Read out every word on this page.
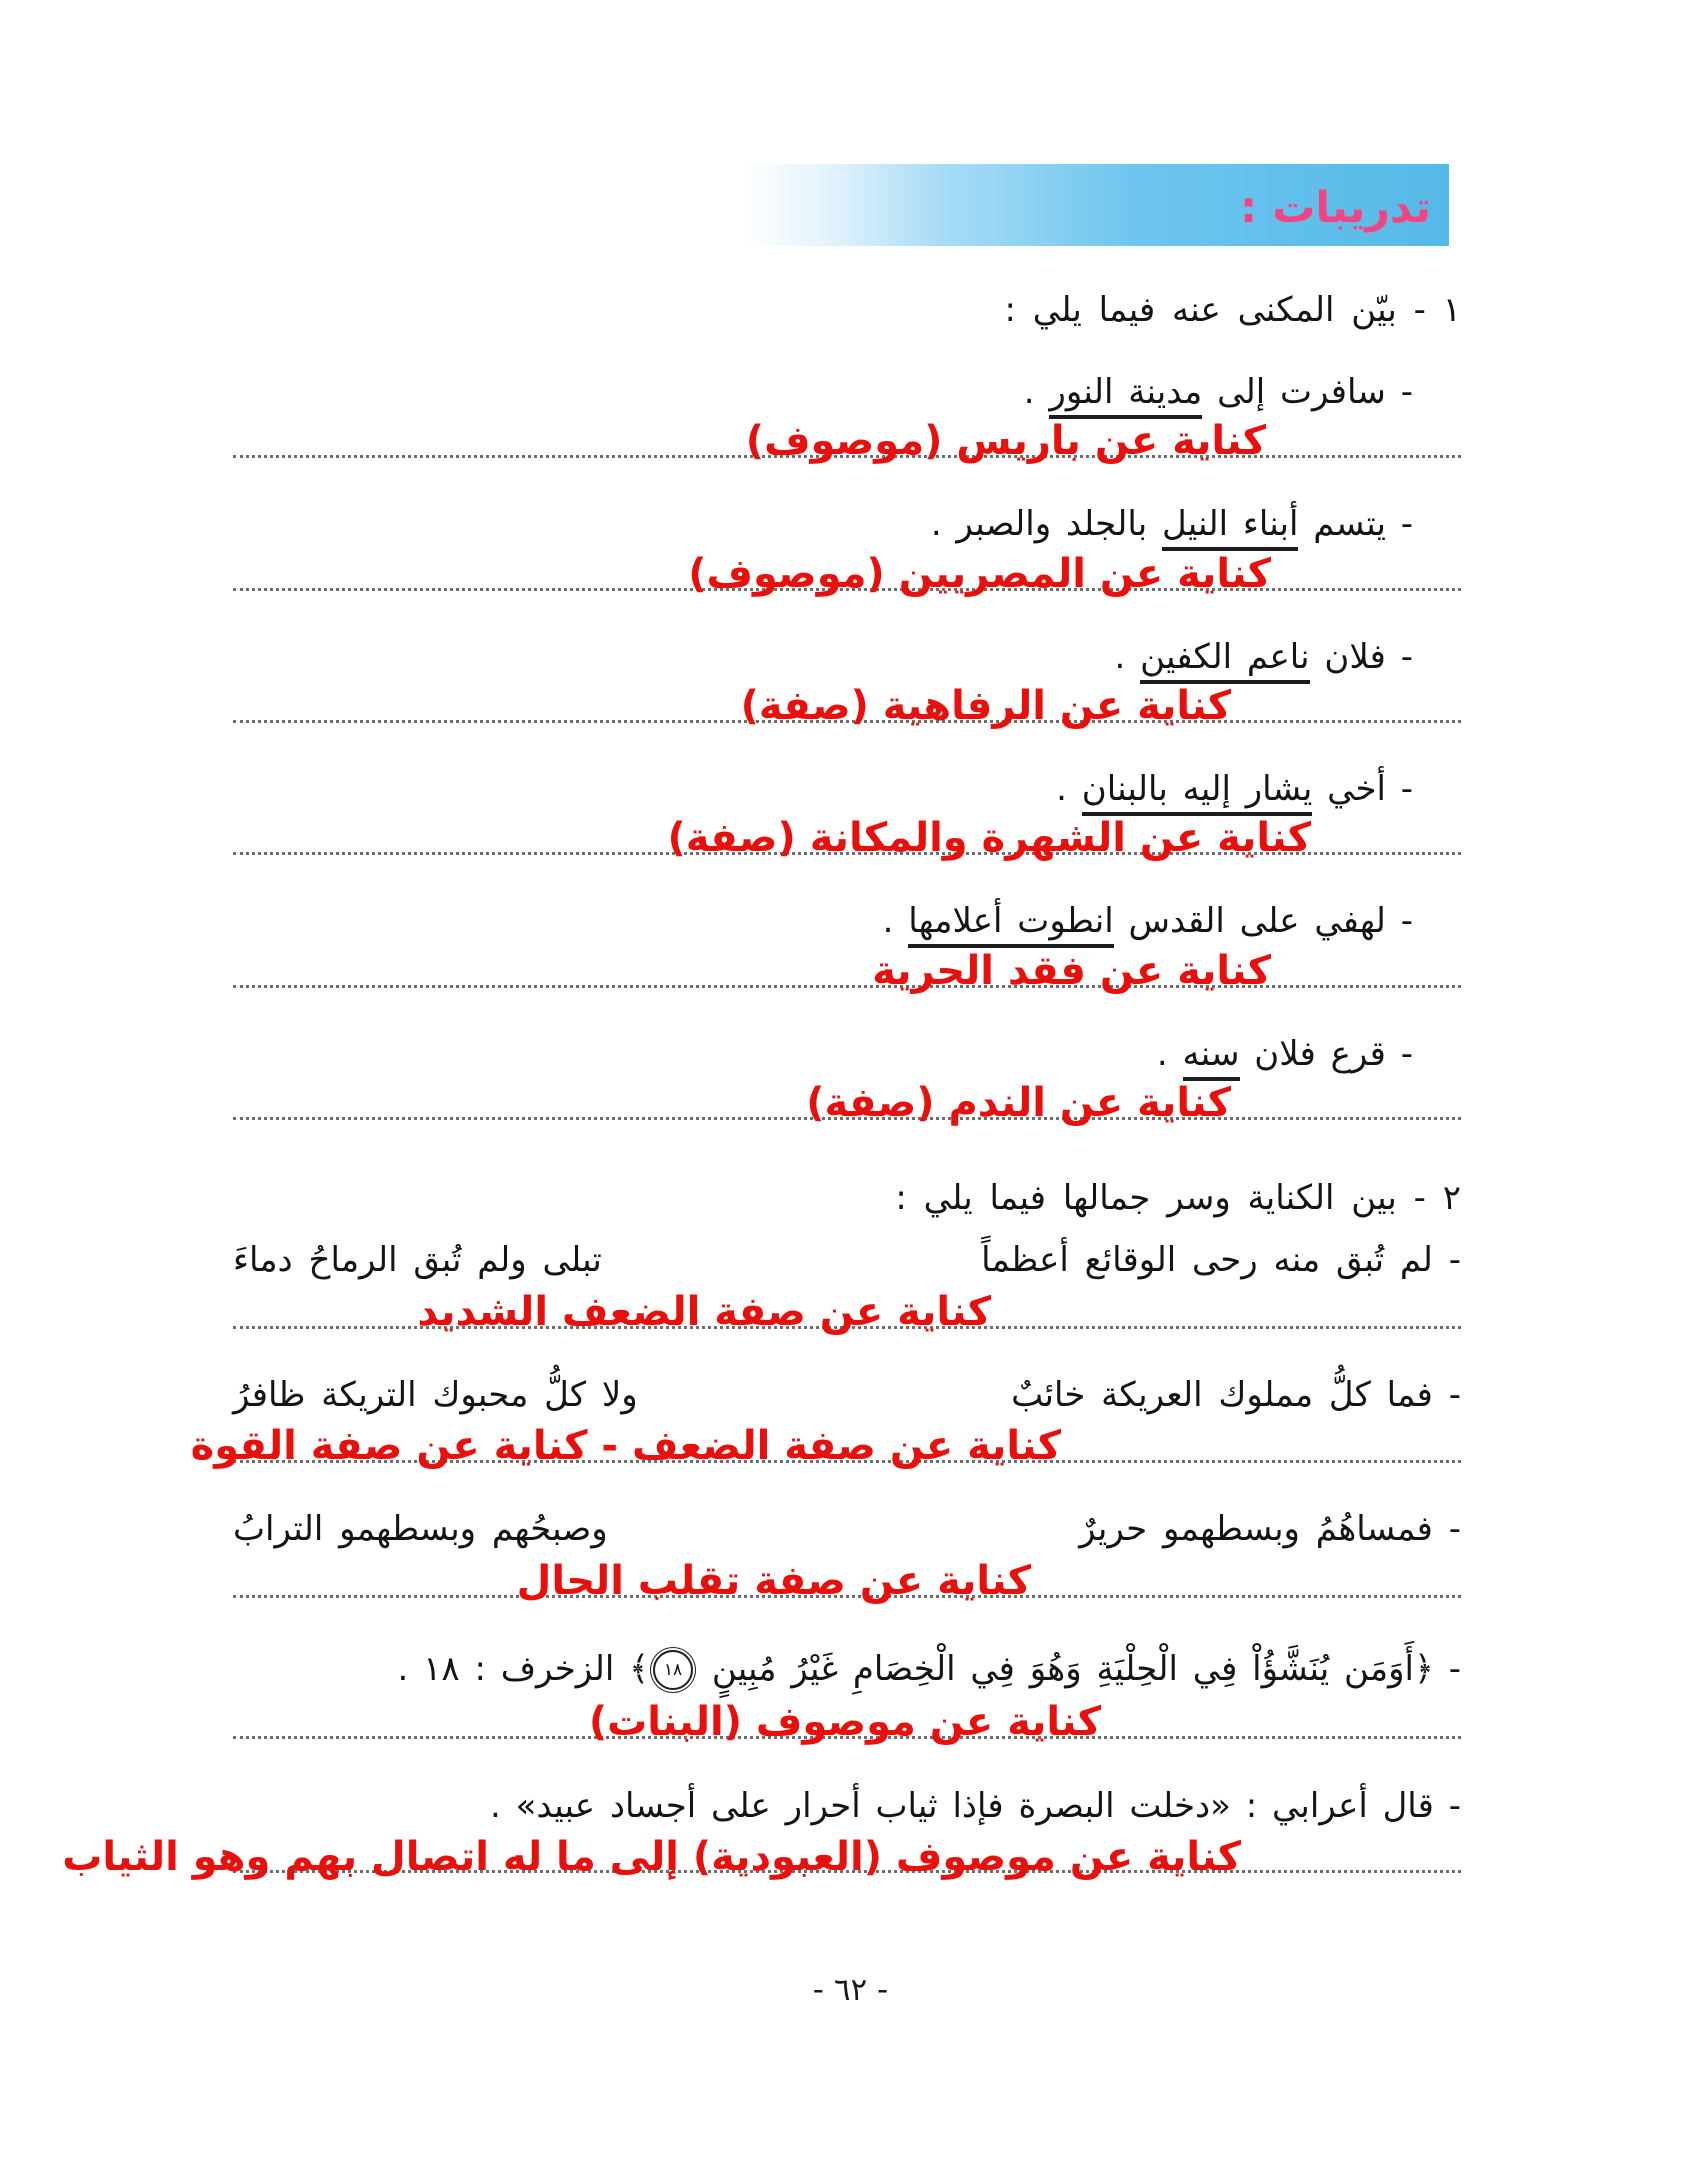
تدريبات :
١ - بيّن المكنى عنه فيما يلي :
- سافرت إلى مدينة النور .
كناية عن باريس (موصوف)
- يتسم أبناء النيل بالجلد والصبر .
كناية عن المصريين (موصوف)
- فلان ناعم الكفين .
كناية عن الرفاهية (صفة)
- أخي يشار إليه بالبنان .
كناية عن الشهرة والمكانة (صفة)
- لهفي على القدس انطوت أعلامها .
كناية عن فقد الحرية
- قرع فلان سنه .
كناية عن الندم (صفة)
٢ - بين الكناية وسر جمالها فيما يلي :
- لم تُبق منه رحى الوقائع أعظماً
تبلى ولم تُبق الرماحُ دماءَ
كناية عن صفة الضعف الشديد
- فما كلُّ مملوك العريكة خائبٌ
ولا كلُّ محبوك التريكة ظافرُ
كناية عن صفة الضعف - كناية عن صفة القوة
- فمساهُمُ وبسطهمو حريرٌ
وصبحُهم وبسطهمو الترابُ
كناية عن صفة تقلب الحال
- ﴿أَوَمَن يُنَشَّؤُاْ فِي الْحِلْيَةِ وَهُوَ فِي الْخِصَامِ غَيْرُ مُبِينٍ ١٨﴾ الزخرف : ١٨ .
كناية عن موصوف (البنات)
- قال أعرابي : «دخلت البصرة فإذا ثياب أحرار على أجساد عبيد» .
كناية عن موصوف (العبودية) إلى ما له اتصال بهم وهو الثياب
- ٦٢ -
